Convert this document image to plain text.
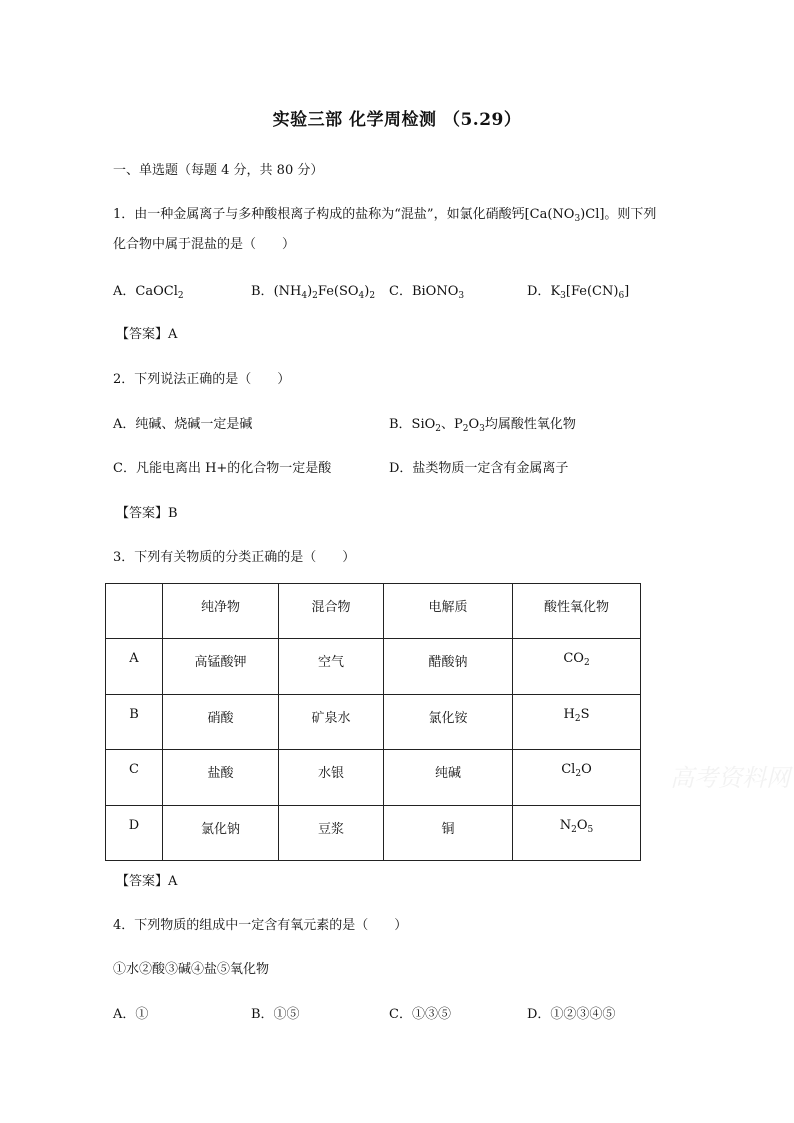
实验三部 化学周检测 （5.29）
一、单选题（每题 4 分，共 80 分）
1．由一种金属离子与多种酸根离子构成的盐称为“混盐”，如氯化硝酸钙$[Ca(NO_3)Cl]$。则下列
化合物中属于混盐的是（　　）
A．CaOCl$_2$	B．$(NH_4)_2Fe(SO_4)_2$ C．BiONO$_3$	D．$K_3[Fe(CN)_6]$
【答案】A
2．下列说法正确的是（　　）
A．纯碱、烧碱一定是碱	B．SiO$_2$、$P_2O_3$均属酸性氧化物
C．凡能电离出 H+的化合物一定是酸	D．盐类物质一定含有金属离子
【答案】B
3．下列有关物质的分类正确的是（　　）
	纯净物	混合物	电解质	酸性氧化物
A	高锰酸钾	空气	醋酸钠	$CO_2$
B	硝酸	矿泉水	氯化铵	$H_2S$
C	盐酸	水银	纯碱	$Cl_2O$
D	氯化钠	豆浆	铜	$N_2O_5$
高考资料网
【答案】A
4．下列物质的组成中一定含有氧元素的是（　　）
①水②酸③碱④盐⑤氧化物
A．①	B．①⑤	C．①③⑤	D．①②③④⑤
